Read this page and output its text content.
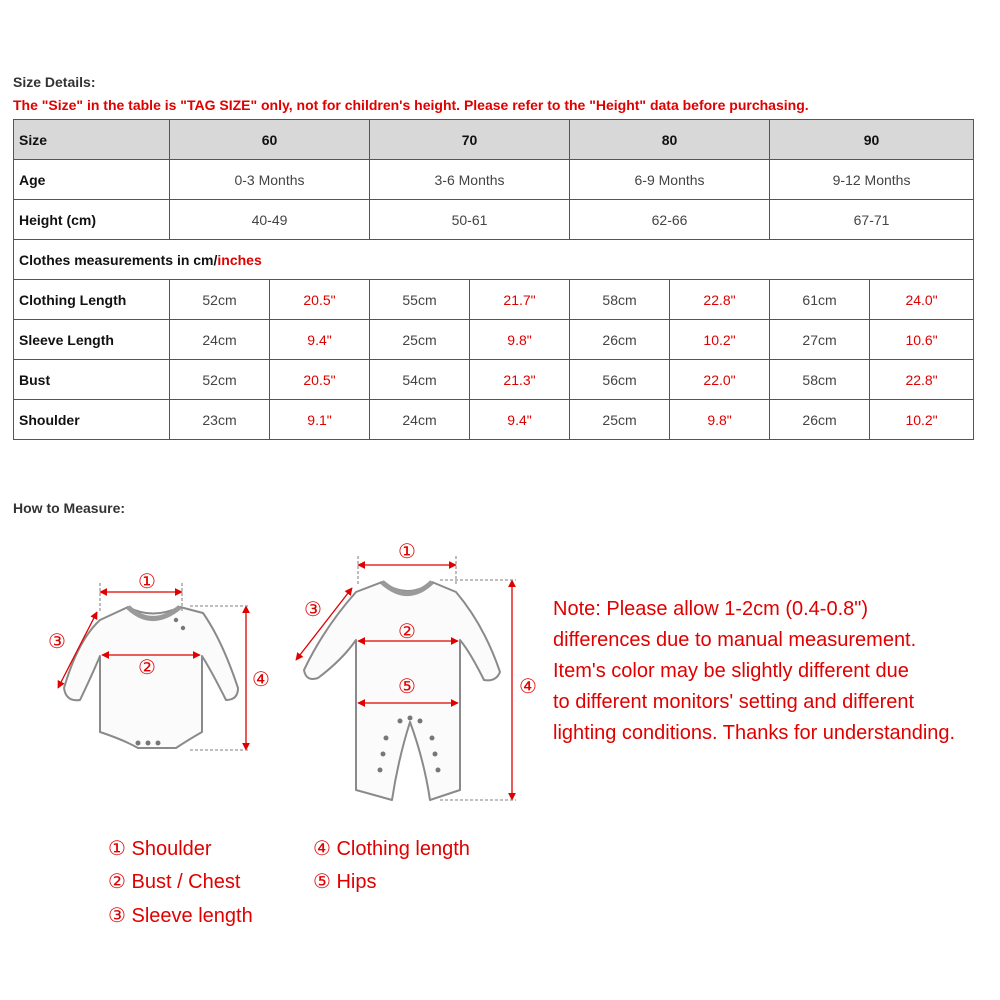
Size Details:
The "Size" in the table is "TAG SIZE" only, not for children's height. Please refer to the "Height" data before purchasing.
Size	60		70		80		90	
Age	0-3 Months		3-6 Months		6-9 Months		9-12 Months	
Height (cm)	40-49		50-61		62-66		67-71	
Clothes measurements in cm/inches								
Clothing Length	52cm	20.5"	55cm	21.7"	58cm	22.8"	61cm	24.0"
Sleeve Length	24cm	9.4"	25cm	9.8"	26cm	10.2"	27cm	10.6"
Bust	52cm	20.5"	54cm	21.3"	56cm	22.0"	58cm	22.8"
Shoulder	23cm	9.1"	24cm	9.4"	25cm	9.8"	26cm	10.2"
How to Measure:
①
②
③
④
①
②
③
④
⑤
① Shoulder
② Bust / Chest
③ Sleeve length
④ Clothing length
⑤ Hips
Note: Please allow 1-2cm (0.4-0.8")
differences due to manual measurement.
Item's color may be slightly different due
to different monitors' setting and different
lighting conditions. Thanks for understanding.
